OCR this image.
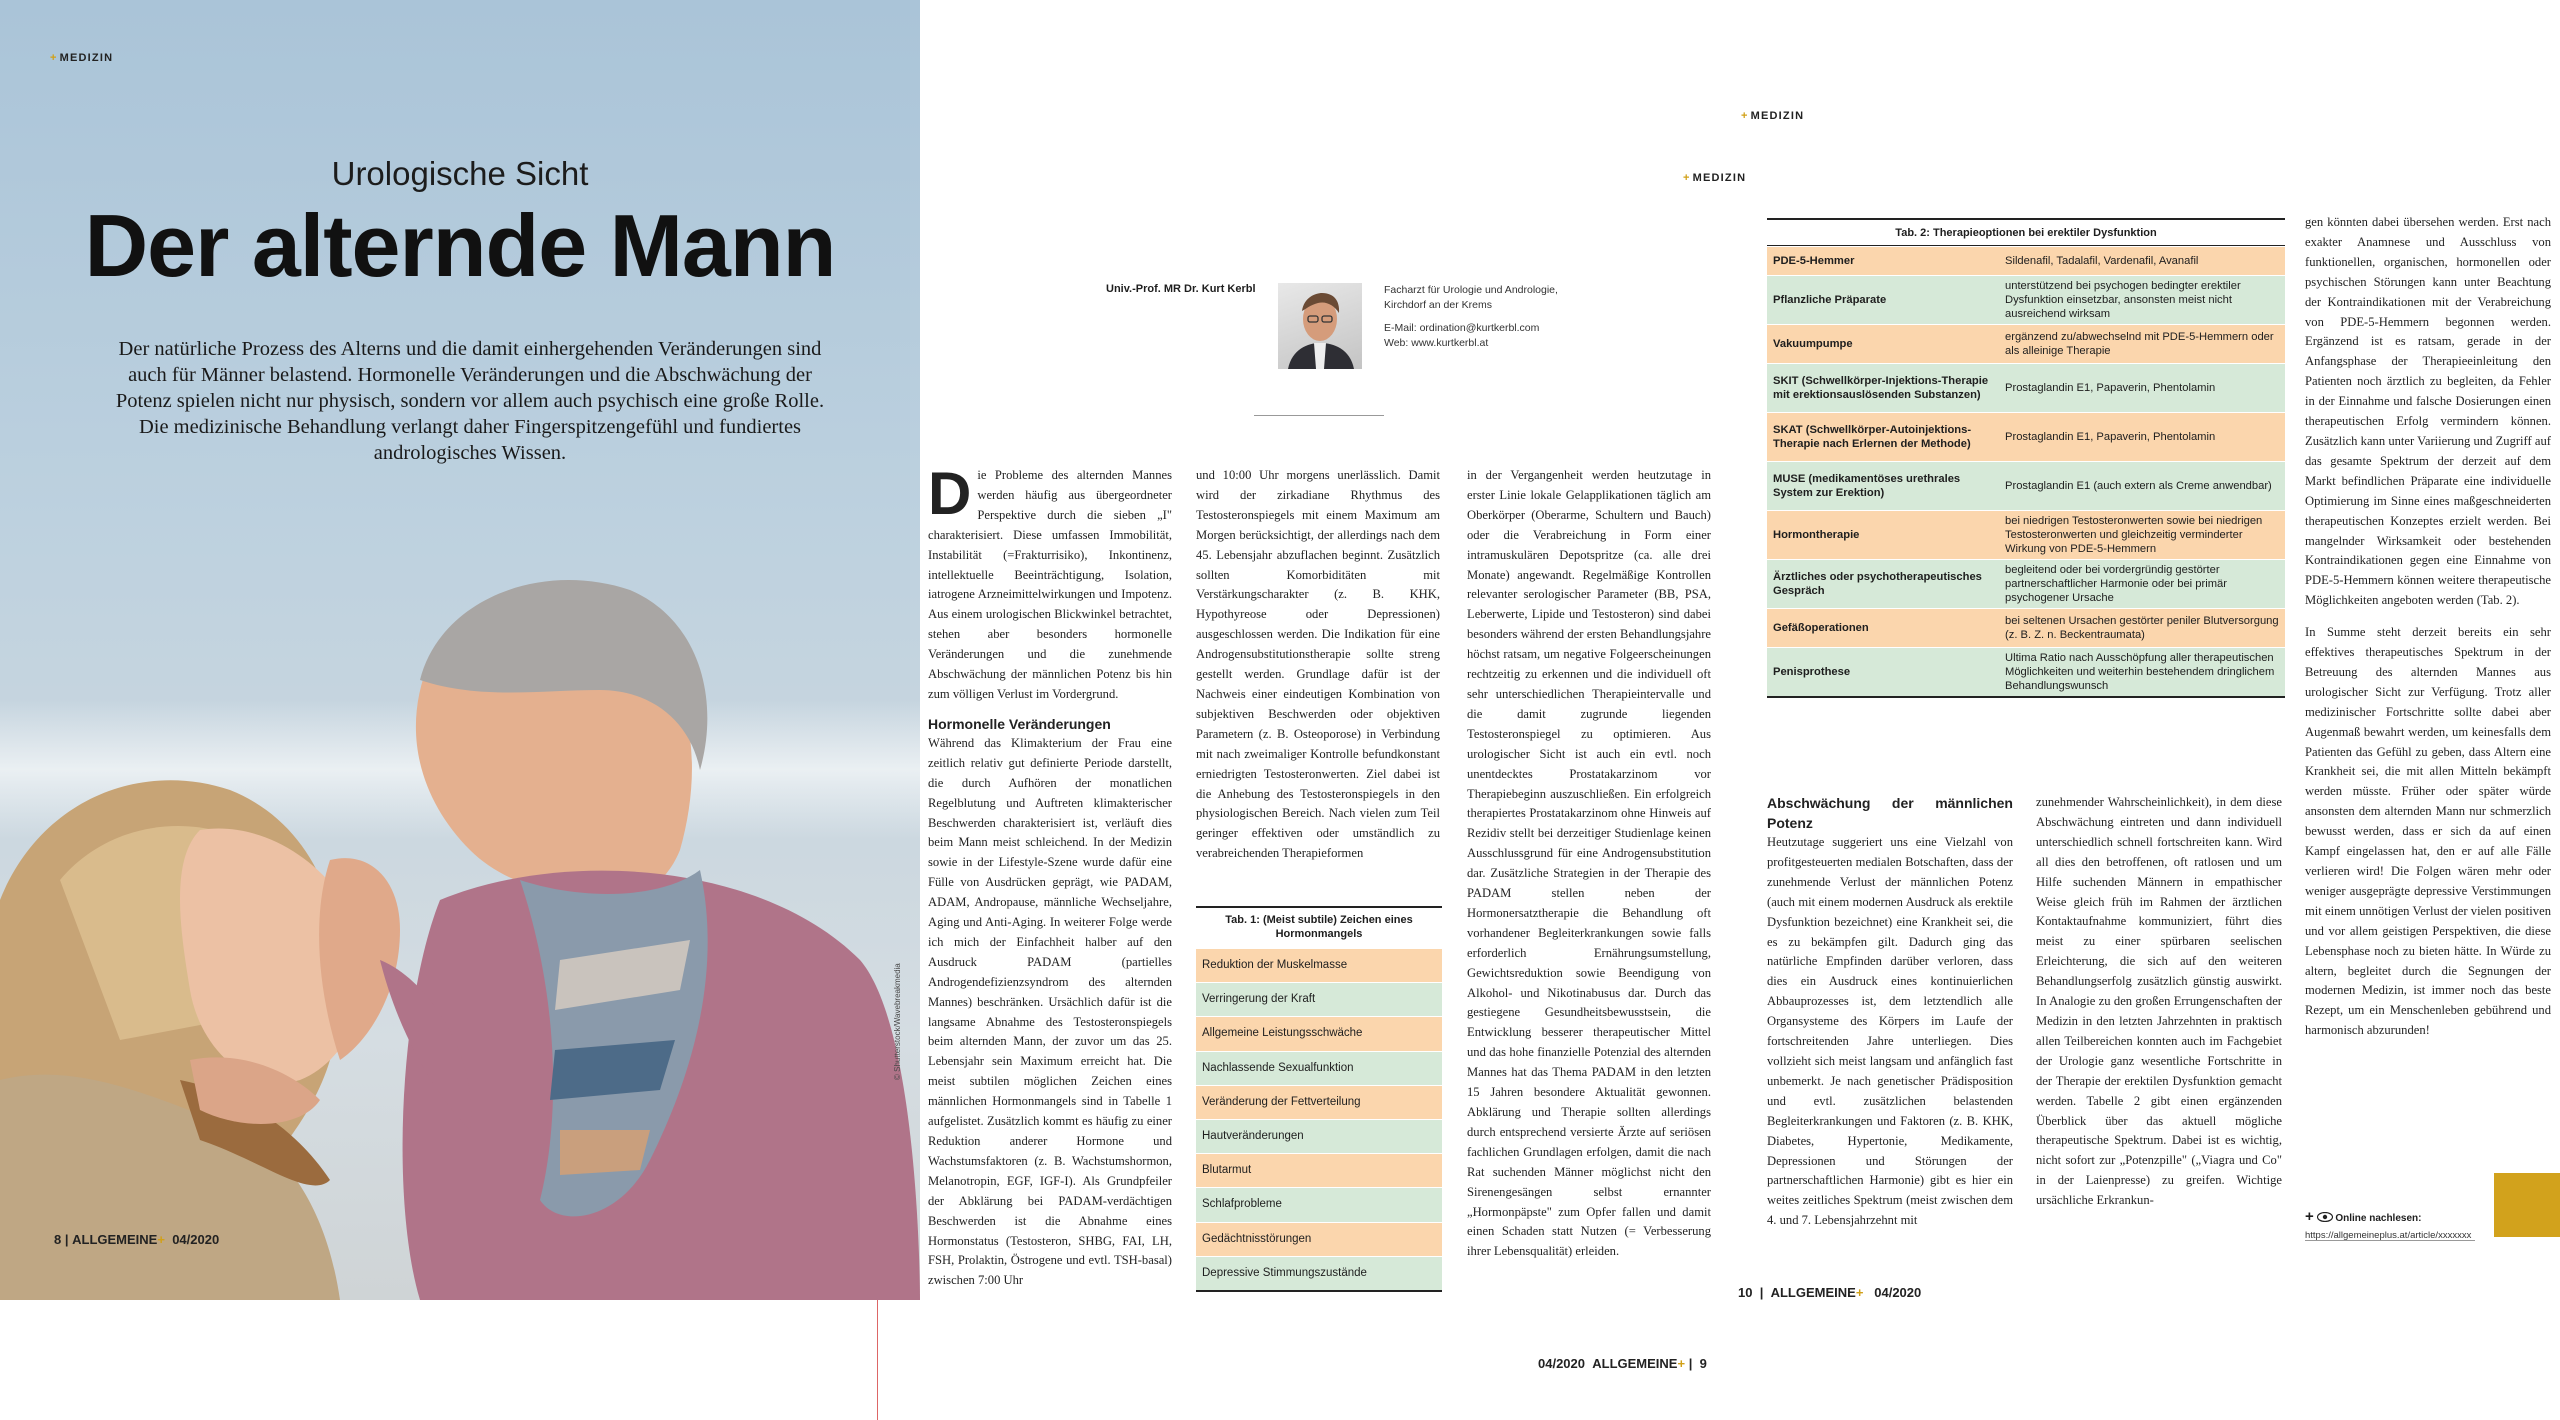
+ MEDIZIN
Urologische Sicht
Der alternde Mann
Der natürliche Prozess des Alterns und die damit einhergehenden Veränderungen sind auch für Männer belastend. Hormonelle Veränderungen und die Abschwächung der Potenz spielen nicht nur physisch, sondern vor allem auch psychisch eine große Rolle. Die medizinische Behandlung verlangt daher Fingerspitzengefühl und fundiertes andrologisches Wissen.
© Shutterstock/Wavebreakmedia
8 | ALLGEMEINE+ 04/2020
+ MEDIZIN
Univ.-Prof. MR Dr. Kurt Kerbl	Facharzt für Urologie und Andrologie,
Kirchdorf an der Krems
E-Mail: ordination@kurtkerbl.com
Web: www.kurtkerbl.at
Die Probleme des alternden Mannes werden häufig aus übergeordneter Perspektive durch die sieben „I" charakterisiert. Diese umfassen Immobilität, Instabilität (=Frakturrisiko), Inkontinenz, intellektuelle Beeinträchtigung, Isolation, iatrogene Arzneimittelwirkungen und Impotenz. Aus einem urologischen Blickwinkel betrachtet, stehen aber besonders hormonelle Veränderungen und die zunehmende Abschwächung der männlichen Potenz bis hin zum völligen Verlust im Vordergrund.
Hormonelle Veränderungen
Während das Klimakterium der Frau eine zeitlich relativ gut definierte Periode darstellt, die durch Aufhören der monatlichen Regelblutung und Auftreten klimakterischer Beschwerden charakterisiert ist, verläuft dies beim Mann meist schleichend. In der Medizin sowie in der Lifestyle-Szene wurde dafür eine Fülle von Ausdrücken geprägt, wie PADAM, ADAM, Andropause, männliche Wechseljahre, Aging und Anti-Aging. In weiterer Folge werde ich mich der Einfachheit halber auf den Ausdruck PADAM (partielles Androgendefizienzsyndrom des alternden Mannes) beschränken. Ursächlich dafür ist die langsame Abnahme des Testosteronspiegels beim alternden Mann, der zuvor um das 25. Lebensjahr sein Maximum erreicht hat. Die meist subtilen möglichen Zeichen eines männlichen Hormonmangels sind in Tabelle 1 aufgelistet. Zusätzlich kommt es häufig zu einer Reduktion anderer Hormone und Wachstumsfaktoren (z. B. Wachstumshormon, Melanotropin, EGF, IGF-I). Als Grundpfeiler der Abklärung bei PADAM-verdächtigen Beschwerden ist die Abnahme eines Hormonstatus (Testosteron, SHBG, FAI, LH, FSH, Prolaktin, Östrogene und evtl. TSH-basal) zwischen 7:00 Uhr
und 10:00 Uhr morgens unerlässlich. Damit wird der zirkadiane Rhythmus des Testosteronspiegels mit einem Maximum am Morgen berücksichtigt, der allerdings nach dem 45. Lebensjahr abzuflachen beginnt. Zusätzlich sollten Komorbiditäten mit Verstärkungscharakter (z. B. KHK, Hypothyreose oder Depressionen) ausgeschlossen werden. Die Indikation für eine Androgensubstitutionstherapie sollte streng gestellt werden. Grundlage dafür ist der Nachweis einer eindeutigen Kombination von subjektiven Beschwerden oder objektiven Parametern (z. B. Osteoporose) in Verbindung mit nach zweimaliger Kontrolle befundkonstant erniedrigten Testosteronwerten. Ziel dabei ist die Anhebung des Testosteronspiegels in den physiologischen Bereich. Nach vielen zum Teil geringer effektiven oder umständlich zu verabreichenden Therapieformen
in der Vergangenheit werden heutzutage in erster Linie lokale Gelapplikationen täglich am Oberkörper (Oberarme, Schultern und Bauch) oder die Verabreichung in Form einer intramuskulären Depotspritze (ca. alle drei Monate) angewandt. Regelmäßige Kontrollen relevanter serologischer Parameter (BB, PSA, Leberwerte, Lipide und Testosteron) sind dabei besonders während der ersten Behandlungsjahre höchst ratsam, um negative Folgeerscheinungen rechtzeitig zu erkennen und die individuell oft sehr unterschiedlichen Therapieintervalle und die damit zugrunde liegenden Testosteronspiegel zu optimieren. Aus urologischer Sicht ist auch ein evtl. noch unentdecktes Prostatakarzinom vor Therapiebeginn auszuschließen. Ein erfolgreich therapiertes Prostatakarzinom ohne Hinweis auf Rezidiv stellt bei derzeitiger Studienlage keinen Ausschlussgrund für eine Androgensubstitution dar. Zusätzliche Strategien in der Therapie des PADAM stellen neben der Hormonersatztherapie die Behandlung oft vorhandener Begleiterkrankungen sowie falls erforderlich Ernährungsumstellung, Gewichtsreduktion sowie Beendigung von Alkohol- und Nikotinabusus dar. Durch das gestiegene Gesundheitsbewusstsein, die Entwicklung besserer therapeutischer Mittel und das hohe finanzielle Potenzial des alternden Mannes hat das Thema PADAM in den letzten 15 Jahren besondere Aktualität gewonnen. Abklärung und Therapie sollten allerdings durch entsprechend versierte Ärzte auf seriösen fachlichen Grundlagen erfolgen, damit die nach Rat suchenden Männer möglichst nicht den Sirenengesängen selbst ernannter „Hormonpäpste" zum Opfer fallen und damit einen Schaden statt Nutzen (= Verbesserung ihrer Lebensqualität) erleiden.
Tab. 1: (Meist subtile) Zeichen eines Hormonmangels
Reduktion der Muskelmasse
Verringerung der Kraft
Allgemeine Leistungsschwäche
Nachlassende Sexualfunktion
Veränderung der Fettverteilung
Hautveränderungen
Blutarmut
Schlafprobleme
Gedächtnisstörungen
Depressive Stimmungszustände
04/2020 ALLGEMEINE+ | 9
+ MEDIZIN
Tab. 2: Therapieoptionen bei erektiler Dysfunktion
PDE-5-Hemmer	Sildenafil, Tadalafil, Vardenafil, Avanafil
Pflanzliche Präparate
unterstützend bei psychogen bedingter erektiler Dysfunktion einsetzbar, ansonsten meist nicht ausreichend wirksam
Vakuumpumpe
ergänzend zu/abwechselnd mit PDE-5-Hemmern oder als alleinige Therapie
SKIT (Schwellkörper-Injektions-Therapie mit erektionsauslösenden Substanzen)
Prostaglandin E1, Papaverin, Phentolamin
SKAT (Schwellkörper-Autoinjektions-Therapie nach Erlernen der Methode)
Prostaglandin E1, Papaverin, Phentolamin
MUSE (medikamentöses urethrales System zur Erektion)
Prostaglandin E1 (auch extern als Creme anwendbar)
Hormontherapie
bei niedrigen Testosteronwerten sowie bei niedrigen Testosteronwerten und gleichzeitig verminderter Wirkung von PDE-5-Hemmern
Ärztliches oder psychotherapeutisches Gespräch
begleitend oder bei vordergründig gestörter partnerschaftlicher Harmonie oder bei primär psychogener Ursache
Gefäßoperationen
bei seltenen Ursachen gestörter peniler Blutversorgung (z. B. Z. n. Beckentraumata)
Penisprothese
Ultima Ratio nach Ausschöpfung aller therapeutischen Möglichkeiten und weiterhin bestehendem dringlichem Behandlungswunsch
Abschwächung der männlichen Potenz
Heutzutage suggeriert uns eine Vielzahl von profitgesteuerten medialen Botschaften, dass der zunehmende Verlust der männlichen Potenz (auch mit einem modernen Ausdruck als erektile Dysfunktion bezeichnet) eine Krankheit sei, die es zu bekämpfen gilt. Dadurch ging das natürliche Empfinden darüber verloren, dass dies ein Ausdruck eines kontinuierlichen Abbauprozesses ist, dem letztendlich alle Organsysteme des Körpers im Laufe der fortschreitenden Jahre unterliegen. Dies vollzieht sich meist langsam und anfänglich fast unbemerkt. Je nach genetischer Prädisposition und evtl. zusätzlichen belastenden Begleiterkrankungen und Faktoren (z. B. KHK, Diabetes, Hypertonie, Medikamente, Depressionen und Störungen der partnerschaftlichen Harmonie) gibt es hier ein weites zeitliches Spektrum (meist zwischen dem 4. und 7. Lebensjahrzehnt mit
zunehmender Wahrscheinlichkeit), in dem diese Abschwächung eintreten und dann individuell unterschiedlich schnell fortschreiten kann. Wird all dies den betroffenen, oft ratlosen und um Hilfe suchenden Männern in empathischer Weise gleich früh im Rahmen der ärztlichen Kontaktaufnahme kommuniziert, führt dies meist zu einer spürbaren seelischen Erleichterung, die sich auf den weiteren Behandlungserfolg zusätzlich günstig auswirkt. In Analogie zu den großen Errungenschaften der Medizin in den letzten Jahrzehnten in praktisch allen Teilbereichen konnten auch im Fachgebiet der Urologie ganz wesentliche Fortschritte in der Therapie der erektilen Dysfunktion gemacht werden. Tabelle 2 gibt einen ergänzenden Überblick über das aktuell mögliche therapeutische Spektrum. Dabei ist es wichtig, nicht sofort zur „Potenzpille" („Viagra und Co" in der Laienpresse) zu greifen. Wichtige ursächliche Erkrankun-
gen könnten dabei übersehen werden. Erst nach exakter Anamnese und Ausschluss von funktionellen, organischen, hormonellen oder psychischen Störungen kann unter Beachtung der Kontraindikationen mit der Verabreichung von PDE-5-Hemmern begonnen werden. Ergänzend ist es ratsam, gerade in der Anfangsphase der Therapieeinleitung den Patienten noch ärztlich zu begleiten, da Fehler in der Einnahme und falsche Dosierungen einen therapeutischen Erfolg vermindern können. Zusätzlich kann unter Variierung und Zugriff auf das gesamte Spektrum der derzeit auf dem Markt befindlichen Präparate eine individuelle Optimierung im Sinne eines maßgeschneiderten therapeutischen Konzeptes erzielt werden. Bei mangelnder Wirksamkeit oder bestehenden Kontraindikationen gegen eine Einnahme von PDE-5-Hemmern können weitere therapeutische Möglichkeiten angeboten werden (Tab. 2).
In Summe steht derzeit bereits ein sehr effektives therapeutisches Spektrum in der Betreuung des alternden Mannes aus urologischer Sicht zur Verfügung. Trotz aller medizinischer Fortschritte sollte dabei aber Augenmaß bewahrt werden, um keinesfalls dem Patienten das Gefühl zu geben, dass Altern eine Krankheit sei, die mit allen Mitteln bekämpft werden müsste. Früher oder später würde ansonsten dem alternden Mann nur schmerzlich bewusst werden, dass er sich da auf einen Kampf eingelassen hat, den er auf alle Fälle verlieren wird! Die Folgen wären mehr oder weniger ausgeprägte depressive Verstimmungen mit einem unnötigen Verlust der vielen positiven und vor allem geistigen Perspektiven, die diese Lebensphase noch zu bieten hätte. In Würde zu altern, begleitet durch die Segnungen der modernen Medizin, ist immer noch das beste Rezept, um ein Menschenleben gebührend und harmonisch abzurunden!
+ Online nachlesen:
https://allgemeineplus.at/article/xxxxxxx
10 | ALLGEMEINE+ 04/2020
